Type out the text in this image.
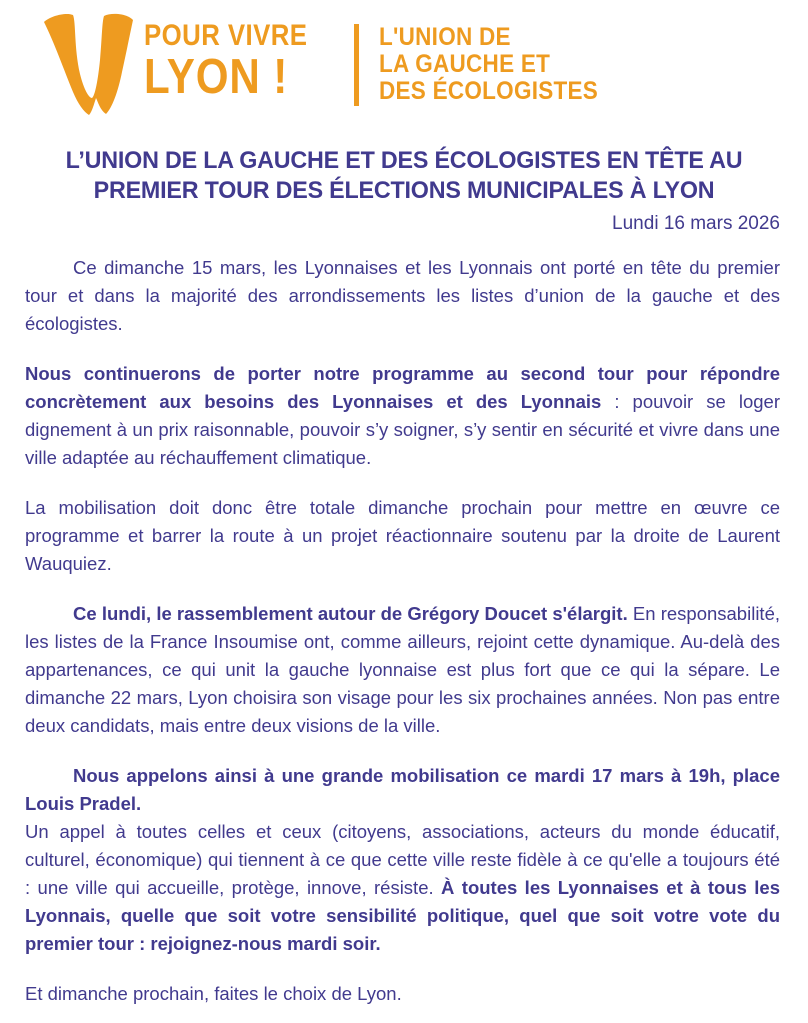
POUR VIVRE
LYON !
L'UNION DE
LA GAUCHE ET
DES ÉCOLOGISTES
L’UNION DE LA GAUCHE ET DES ÉCOLOGISTES EN TÊTE AU
PREMIER TOUR DES ÉLECTIONS MUNICIPALES À LYON
Lundi 16 mars 2026

Ce dimanche 15 mars, les Lyonnaises et les Lyonnais ont porté en tête du premier tour et dans la majorité des arrondissements les listes d’union de la gauche et des écologistes.

Nous continuerons de porter notre programme au second tour pour répondre concrètement aux besoins des Lyonnaises et des Lyonnais : pouvoir se loger dignement à un prix raisonnable, pouvoir s’y soigner, s’y sentir en sécurité et vivre dans une ville adaptée au réchauffement climatique.

La mobilisation doit donc être totale dimanche prochain pour mettre en œuvre ce programme et barrer la route à un projet réactionnaire soutenu par la droite de Laurent Wauquiez.

Ce lundi, le rassemblement autour de Grégory Doucet s'élargit. En responsabilité, les listes de la France Insoumise ont, comme ailleurs, rejoint cette dynamique. Au-delà des appartenances, ce qui unit la gauche lyonnaise est plus fort que ce qui la sépare. Le dimanche 22 mars, Lyon choisira son visage pour les six prochaines années. Non pas entre deux candidats, mais entre deux visions de la ville.

Nous appelons ainsi à une grande mobilisation ce mardi 17 mars à 19h, place Louis Pradel.

Un appel à toutes celles et ceux (citoyens, associations, acteurs du monde éducatif, culturel, économique) qui tiennent à ce que cette ville reste fidèle à ce qu'elle a toujours été : une ville qui accueille, protège, innove, résiste. À toutes les Lyonnaises et à tous les Lyonnais, quelle que soit votre sensibilité politique, quel que soit votre vote du premier tour : rejoignez-nous mardi soir.

Et dimanche prochain, faites le choix de Lyon.
